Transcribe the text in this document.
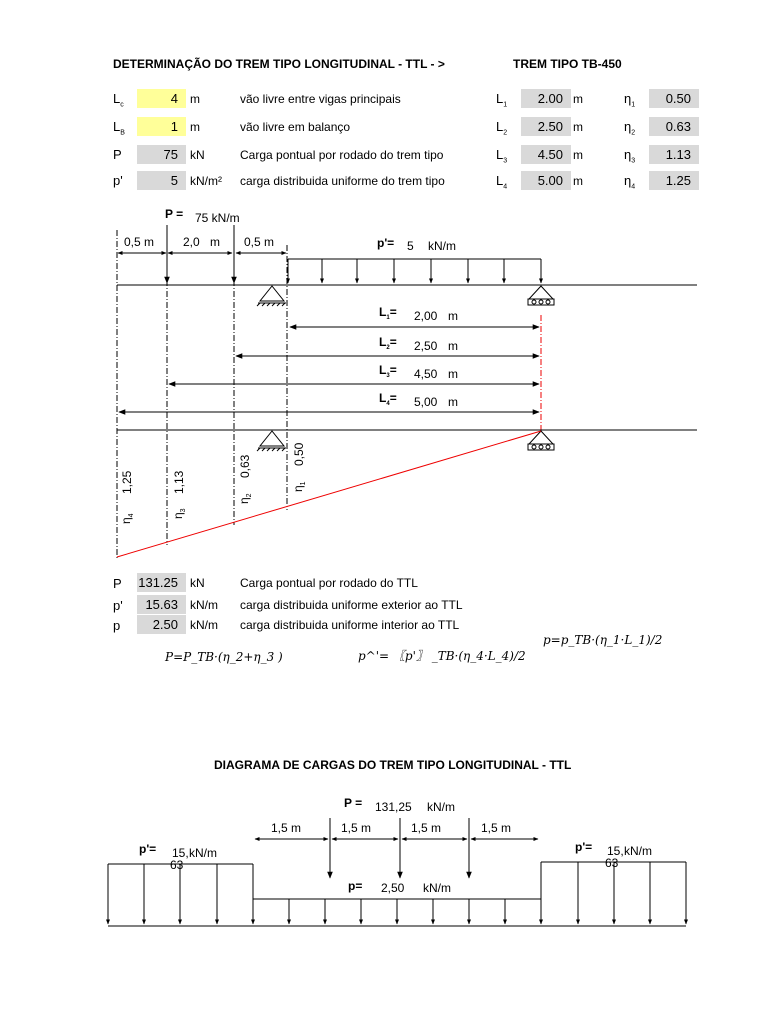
DETERMINAÇÃO DO TREM TIPO LONGITUDINAL - TTL - >	TREM TIPO TB-450
$L_c$	4	m	vão livre entre vigas principais
$L_B$	1	m	vão livre em balanço
P	75	kN	Carga pontual por rodado do trem tipo
p'	5	kN/m² carga distribuida uniforme do trem tipo
$L_1$	2.00 m	$\eta_1$	0.50
$L_2$	2.50 m	$\eta_2$	0.63
$L_3$	4.50 m	$\eta_3$	1.13
$L_4$	5.00 m	$\eta_4$	1.25
P = 75 kN/m
0,5 m 2,0 m 0,5 m	p'= 5 kN/m
$L_1= 2,00$ m
$L_2= 2,50$ m
$L_3= 4,50$ m
$L_4= 5,00$ m
1,25
$\eta_4$
1,13
$\eta_3$
0,63
$\eta_2$
0,50
$\eta_1$
P 131.25	kN	Carga pontual por rodado do TTL
p'	15.63	kN/m carga distribuida uniforme exterior ao TTL
p	2.50	kN/m carga distribuida uniforme interior ao TTL
P=P_TB·(η_2+η_3 )	p^'= 〖p'〗 _TB·(η_4·L_4)/2
p=p_TB·(η_1·L_1)/2
DIAGRAMA DE CARGAS DO TREM TIPO LONGITUDINAL - TTL
P = 131,25 kN/m
1,5 m	1,5 m	1,5 m	1,5 m
p'= 15,
63
kN/m
p= 2,50 kN/m
p'= 15,
63
kN/m
